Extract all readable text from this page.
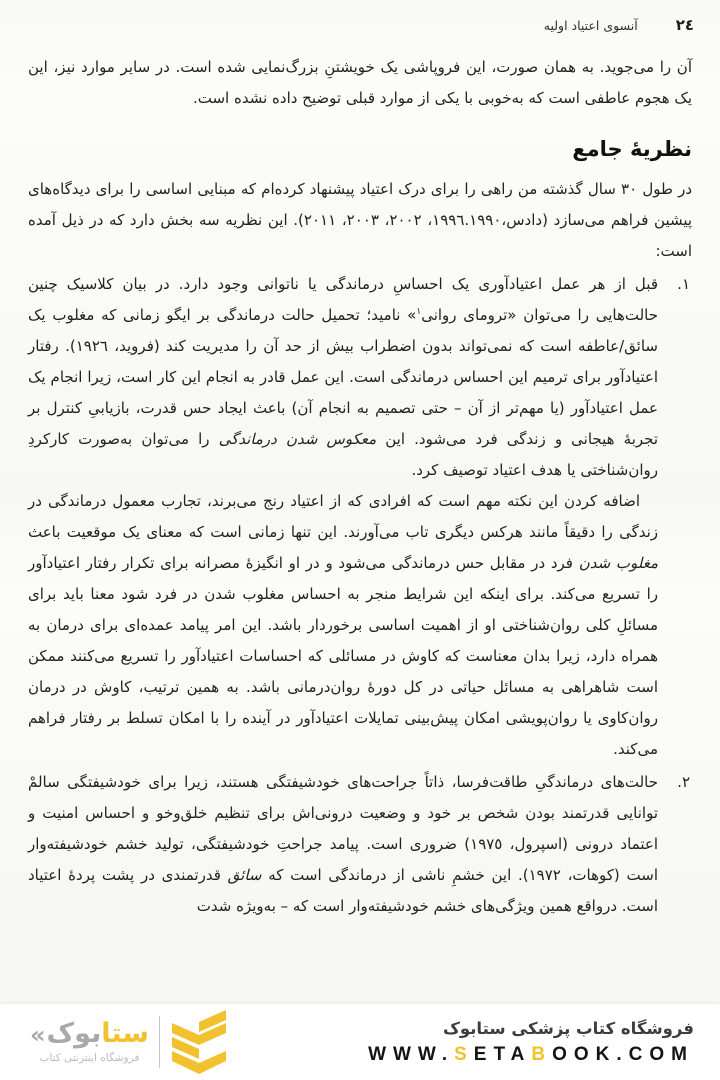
٢٤
آنسوی اعتیاد اولیه

آن را می‌جوید. به همان صورت، این فروپاشی یک خویشتنِ بزرگ‌نمایی شده است. در سایر موارد نیز، این یک هجوم عاطفی است که به‌خوبی با یکی از موارد قبلی توضیح داده نشده است.

نظریهٔ جامع

در طول ٣٠ سال گذشته من راهی را برای درک اعتیاد پیشنهاد کرده‌ام که مبنایی اساسی را برای دیدگاه‌های پیشین فراهم می‌سازد (دادس،١٩٩٦.١٩٩٠، ٢٠٠٢، ٢٠٠٣، ٢٠١١). این نظریه سه بخش دارد که در ذیل آمده است:

١.

قبل از هر عمل اعتیادآوری یک احساسِ درماندگی یا ناتوانی وجود دارد. در بیان کلاسیک چنین حالت‌هایی را می‌توان «ترومای روانی$^١$» نامید؛ تحمیل حالت درماندگی بر ایگو زمانی که مغلوب یک سائق/عاطفه است که نمی‌تواند بدون اضطراب بیش از حد آن را مدیریت کند (فروید، ١٩٢٦). رفتار اعتیادآور برای ترمیم این احساس درماندگی است. این عمل قادر به انجام این کار است، زیرا انجام یک عمل اعتیادآور (یا مهم‌تر از آن – حتی تصمیم به انجام آن) باعث ایجاد حس قدرت، بازیابیِ کنترل بر تجربهٔ هیجانی و زندگی فرد می‌شود. این معکوس شدن درماندگی را می‌توان به‌صورت کارکردِ روان‌شناختی یا هدف اعتیاد توصیف کرد.

اضافه کردن این نکته مهم است که افرادی که از اعتیاد رنج می‌برند، تجارب معمول درماندگی در زندگی را دقیقاً مانند هرکس دیگری تاب می‌آورند. این تنها زمانی است که معنای یک موقعیت باعث مغلوب شدن فرد در مقابل حس درماندگی می‌شود و در او انگیزهٔ مصرانه برای تکرار رفتار اعتیادآور را تسریع می‌کند. برای اینکه این شرایط منجر به احساس مغلوب شدن در فرد شود معنا باید برای مسائلِ کلی روان‌شناختی او از اهمیت اساسی برخوردار باشد. این امر پیامد عمده‌ای برای درمان به همراه دارد، زیرا بدان معناست که کاوش در مسائلی که احساسات اعتیادآور را تسریع می‌کنند ممکن است شاهراهی به مسائل حیاتی در کل دورهٔ روان‌درمانی باشد. به همین ترتیب، کاوش در درمان روان‌کاوی یا روان‌پویشی امکان پیش‌بینی تمایلات اعتیادآور در آینده را با امکان تسلط بر رفتار فراهم می‌کند.

٢.

حالت‌های درماندگیِ طاقت‌فرسا، ذاتاً جراحت‌های خودشیفتگی هستند، زیرا برای خودشیفتگی سالمْ توانایی قدرتمند بودن شخص بر خود و وضعیت درونی‌اش برای تنظیم خلق‌وخو و احساس امنیت و اعتماد درونی (اسپرول، ١٩٧٥) ضروری است. پیامد جراحتِ خودشیفتگی، تولید خشم خودشیفته‌وار است (کوهات، ١٩٧٢). این خشمِ ناشی از درماندگی است که سائق قدرتمندی در پشت پردهٔ اعتیاد است. درواقع همین ویژگی‌های خشم خودشیفته‌وار است که – به‌ویژه شدت

« بوک ستا
فروشگاه اینترنتی کتاب
فروشگاه کتاب پزشکی ستابوک
WWW.SETABOOK.COM
